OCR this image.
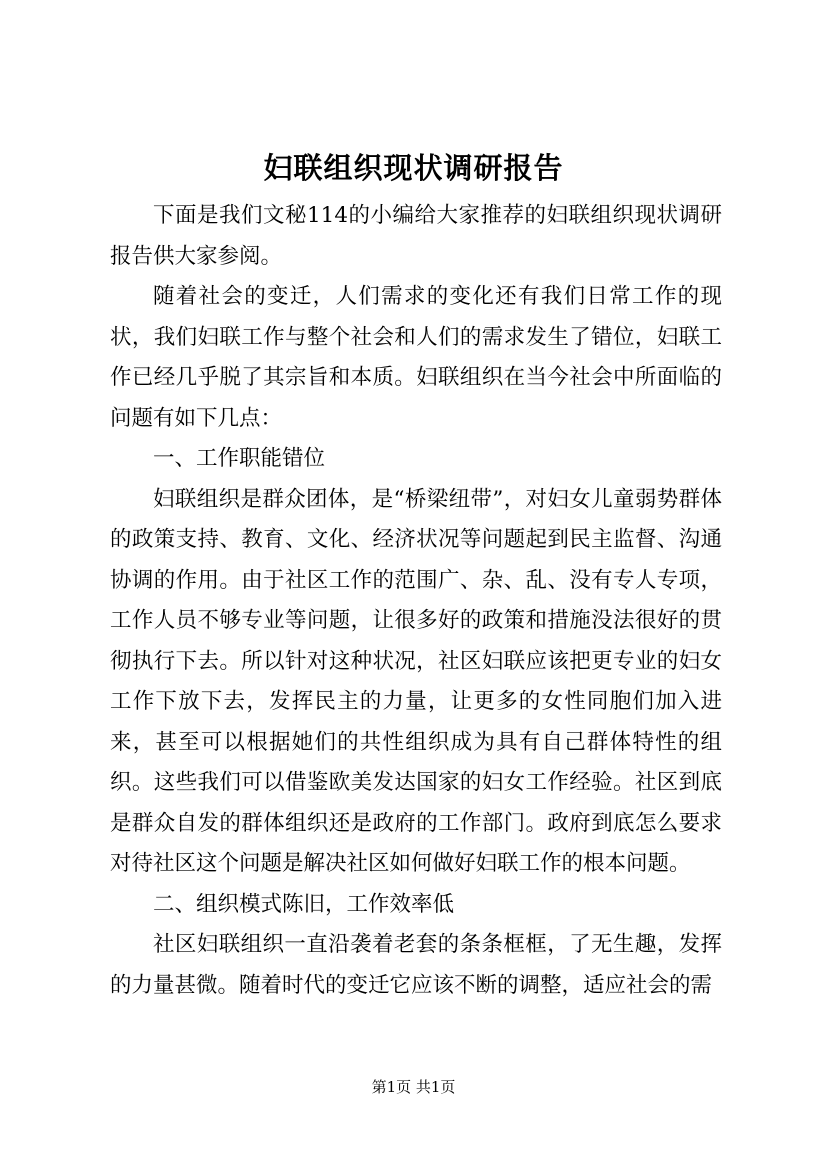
妇联组织现状调研报告

下面是我们文秘114的小编给大家推荐的妇联组织现状调研报告供大家参阅。

随着社会的变迁，人们需求的变化还有我们日常工作的现状，我们妇联工作与整个社会和人们的需求发生了错位，妇联工作已经几乎脱了其宗旨和本质。妇联组织在当今社会中所面临的问题有如下几点：

一、工作职能错位

妇联组织是群众团体，是“桥梁纽带”，对妇女儿童弱势群体的政策支持、教育、文化、经济状况等问题起到民主监督、沟通协调的作用。由于社区工作的范围广、杂、乱、没有专人专项，工作人员不够专业等问题，让很多好的政策和措施没法很好的贯彻执行下去。所以针对这种状况，社区妇联应该把更专业的妇女工作下放下去，发挥民主的力量，让更多的女性同胞们加入进来，甚至可以根据她们的共性组织成为具有自己群体特性的组织。这些我们可以借鉴欧美发达国家的妇女工作经验。社区到底是群众自发的群体组织还是政府的工作部门。政府到底怎么要求对待社区这个问题是解决社区如何做好妇联工作的根本问题。

二、组织模式陈旧，工作效率低

社区妇联组织一直沿袭着老套的条条框框，了无生趣，发挥的力量甚微。随着时代的变迁它应该不断的调整，适应社会的需

第1页 共1页
